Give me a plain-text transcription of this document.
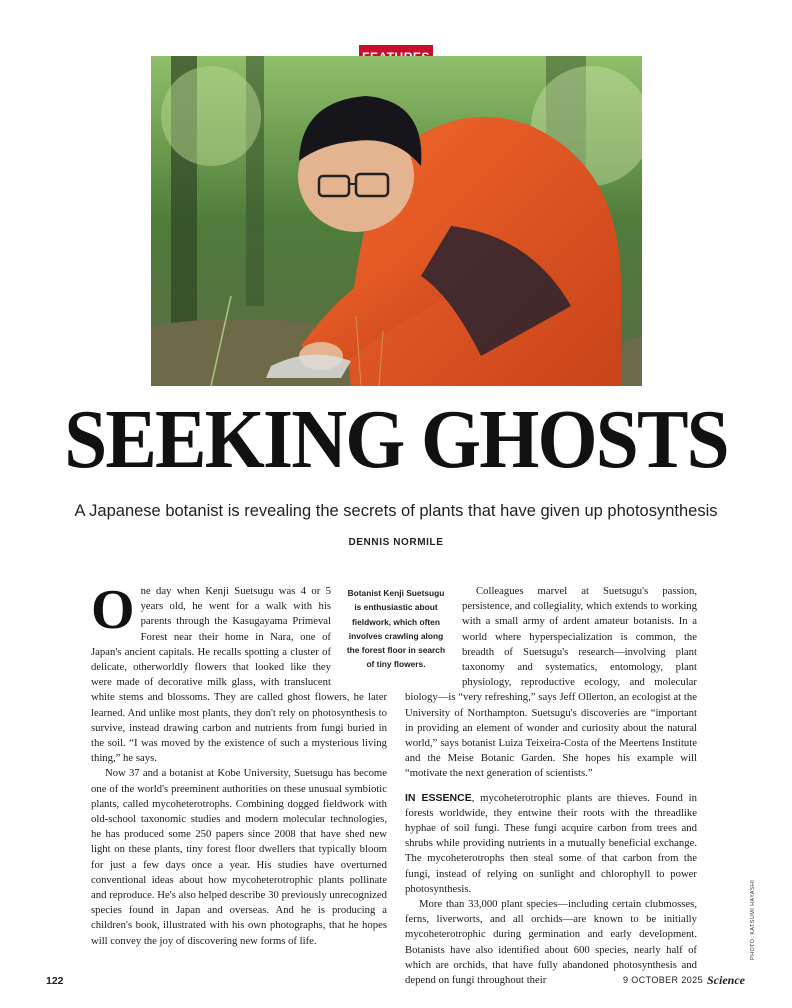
SEEKING GHOSTS
A Japanese botanist is revealing the secrets of plants that have given up photosynthesis
DENNIS NORMILE

One day when Kenji Suetsugu was 4 or 5 years old, he went for a walk with his parents through the Kasugayama Primeval Forest near their home in Nara, one of Japan's ancient capitals. He recalls spotting a cluster of delicate, otherworldly flowers that looked like they were made of decorative milk glass, with translucent white stems and blossoms. They are called ghost flowers, he later learned. And unlike most plants, they don't rely on photosynthesis to survive, instead drawing carbon and nutrients from fungi buried in the soil. “I was moved by the existence of such a mysterious living thing,” he says.

Now 37 and a botanist at Kobe University, Suetsugu has become one of the world's preeminent authorities on these unusual symbiotic plants, called mycoheterotrophs. Combining dogged fieldwork with old-school taxonomic studies and modern molecular technologies, he has produced some 250 papers since 2008 that have shed new light on these plants, tiny forest floor dwellers that typically bloom for just a few days once a year. His studies have overturned conventional ideas about how mycoheterotrophic plants pollinate and reproduce. He's also helped describe 30 previously unrecognized species found in Japan and overseas. And he is producing a children's book, illustrated with his own photographs, that he hopes will convey the joy of discovering new forms of life.

Botanist Kenji Suetsugu is enthusiastic about fieldwork, which often involves crawling along the forest floor in search of tiny flowers.

Colleagues marvel at Suetsugu's passion, persistence, and collegiality, which extends to working with a small army of ardent amateur botanists. In a world where hyperspecialization is common, the breadth of Suetsugu's research—involving plant taxonomy and systematics, entomology, plant physiology, reproductive ecology, and molecular biology—is “very refreshing,” says Jeff Ollerton, an ecologist at the University of Northampton. Suetsugu's discoveries are “important in providing an element of wonder and curiosity about the natural world,” says botanist Luiza Teixeira-Costa of the Meertens Institute and the Meise Botanic Garden. She hopes his example will “motivate the next generation of scientists.”

IN ESSENCE, mycoheterotrophic plants are thieves. Found in forests worldwide, they entwine their roots with the threadlike hyphae of soil fungi. These fungi acquire carbon from trees and shrubs while providing nutrients in a mutually beneficial exchange. The mycoheterotrophs then steal some of that carbon from the fungi, instead of relying on sunlight and chlorophyll to power photosynthesis.

More than 33,000 plant species—including certain clubmosses, ferns, liverworts, and all orchids—are known to be initially mycoheterotrophic during germination and early development. Botanists have also identified about 600 species, nearly half of which are orchids, that have fully abandoned photosynthesis and depend on fungi throughout their

PHOTO: KATSUMI HAYASHI
122	9 OCTOBER 2025 Science
